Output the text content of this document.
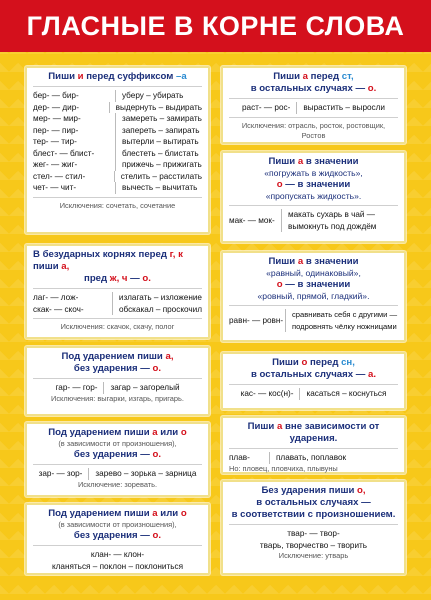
ГЛАСНЫЕ В КОРНЕ СЛОВА
Пиши и перед суффиксом –а
бер- — бир-	уберу – убирать
дер- — дир-	выдернуть – выдирать
мер- — мир-	замереть – замирать
пер- — пир-	запереть – запирать
тер- — тир-	вытерли – вытирать
блест- — блист-	блестеть – блистать
жег- — жиг-	прижечь – прижигать
стел- — стил-	стелить – расстилать
чет- — чит-	вычесть – вычитать
Исключения: сочетать, сочетание
В безударных корнях перед г, к пиши а,
пред ж, ч — о.
лаг- — лож-	излагать – изложение
скак- — скоч-	обскакал – проскочил
Исключения: скачок, скачу, полог
Под ударением пиши а,
без ударения — о.
гар- — гор-	загар – загорелый
Исключения: выгарки, изгарь, пригарь.
Под ударением пиши а или о
(в зависимости от произношения),
без ударения — о.
зар- — зор-	зарево – зорька – зарница
Исключение: зоревать.
Под ударением пиши а или о
(в зависимости от произношения),
без ударения — о.
клан- — клон-
кланяться – поклон – поклониться
Пиши а перед ст,
в остальных случаях — о.
раст- — рос-	вырастить – выросли
Исключения: отрасль, росток, ростовщик, Ростов
Пиши а в значении
«погружать в жидкость»,
о — в значении
«пропускать жидкость».
мак- — мок-
макать сухарь в чай —
вымокнуть под дождём
Пиши а в значении
«равный, одинаковый»,
о — в значении
«ровный, прямой, гладкий».
равн- — ровн-
сравнивать себя с другими —
подровнять чёлку ножницами
Пиши о перед сн,
в остальных случаях — а.
кас- — кос(н)-	касаться – коснуться
Пиши а вне зависимости от ударения.
плав-	плавать, поплавок
Но: пловец, пловчиха, плывуны
Без ударения пиши о,
в остальных случаях —
в соответствии с произношением.
твар- — твор-
тварь, творчество – творить
Исключение: утварь
